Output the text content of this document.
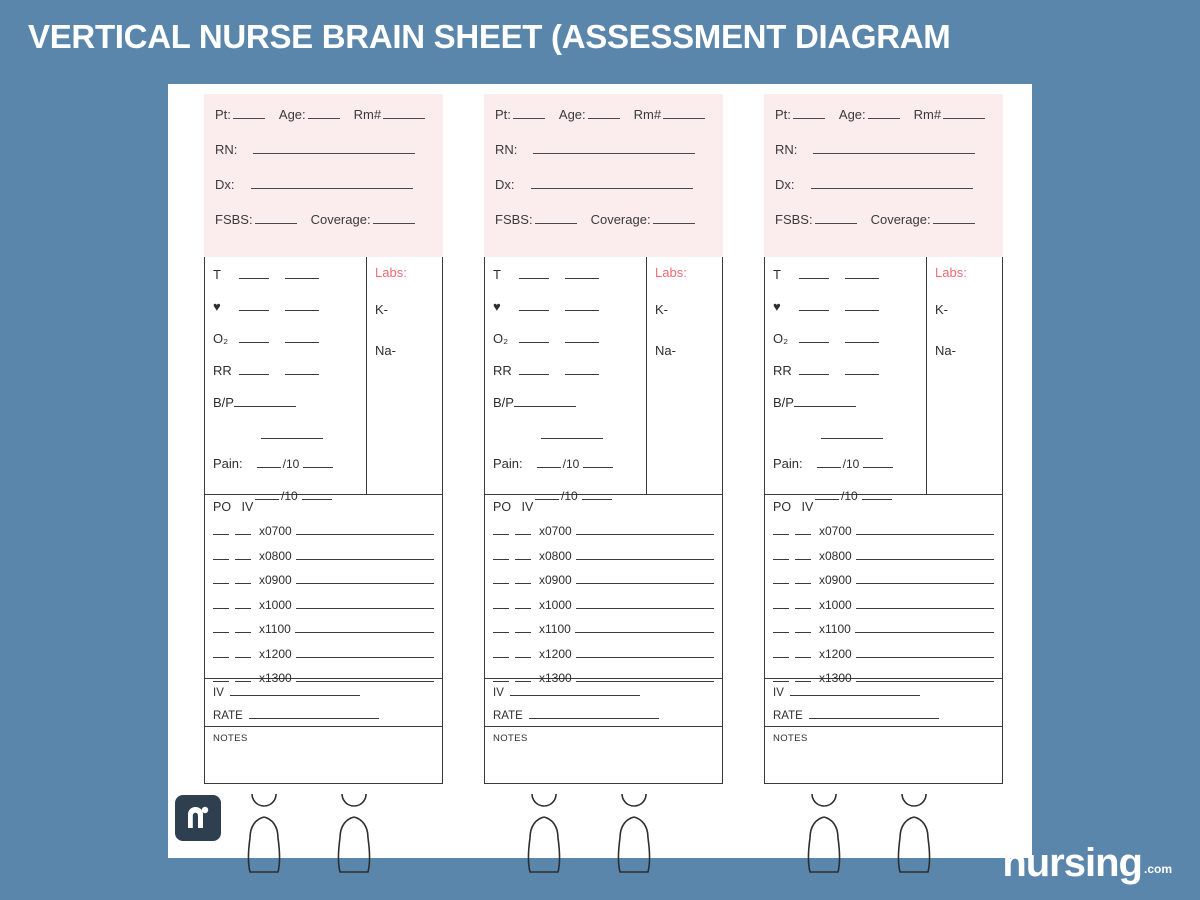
VERTICAL NURSE BRAIN SHEET (ASSESSMENT DIAGRAM
Pt:	Age:	Rm#
RN:
Dx:
FSBS:	Coverage:
T
♥
O₂
RR
B/P
Pain:	/10
/10
Labs:
K-
Na-
PO IV
x0700
x0800
x0900
x1000
x1100
x1200
x1300
IV
RATE
NOTES
Pt:	Age:	Rm#
RN:
Dx:
FSBS:	Coverage:
T
♥
O₂
RR
B/P
Pain:	/10
/10
Labs:
K-
Na-
PO IV
x0700
x0800
x0900
x1000
x1100
x1200
x1300
IV
RATE
NOTES
Pt:	Age:	Rm#
RN:
Dx:
FSBS:	Coverage:
T
♥
O₂
RR
B/P
Pain:	/10
/10
Labs:
K-
Na-
PO IV
x0700
x0800
x0900
x1000
x1100
x1200
x1300
IV
RATE
NOTES
nursing .com
